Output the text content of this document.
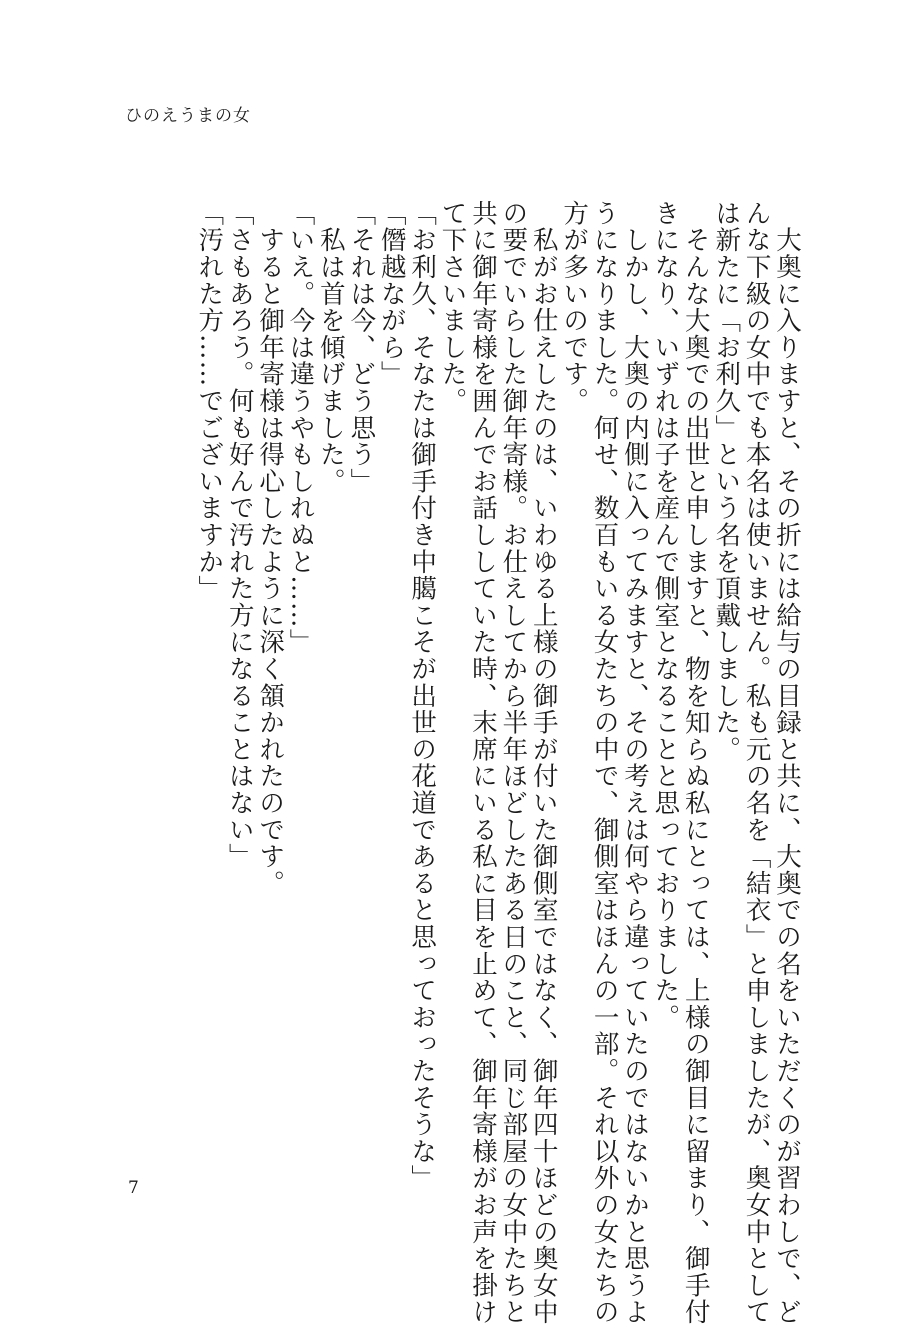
ひのえうまの女
　大奥に入りますと、その折には給与の目録と共に、大奥での名をいただくのが習わしで、ど
んな下級の女中でも本名は使いません。私も元の名を「結衣」と申しましたが、奥女中として
は新たに「お利久」という名を頂戴しました。
　そんな大奥での出世と申しますと、物を知らぬ私にとっては、上様の御目に留まり、御手付
きになり、いずれは子を産んで側室となることと思っておりました。
　しかし、大奥の内側に入ってみますと、その考えは何やら違っていたのではないかと思うよ
うになりました。何せ、数百もいる女たちの中で、御側室はほんの一部。それ以外の女たちの
方が多いのです。
　私がお仕えしたのは、いわゆる上様の御手が付いた御側室ではなく、御年四十ほどの奥女中
の要でいらした御年寄様。お仕えしてから半年ほどしたある日のこと、同じ部屋の女中たちと
共に御年寄様を囲んでお話ししていた時、末席にいる私に目を止めて、御年寄様がお声を掛け
て下さいました。
「お利久、そなたは御手付き中臈こそが出世の花道であると思っておったそうな」
「僭越ながら」
「それは今、どう思う」
　私は首を傾げました。
「いえ。今は違うやもしれぬと……」
　すると御年寄様は得心したように深く頷かれたのです。
「さもあろう。何も好んで汚れた方になることはない」
「汚れた方……でございますか」
7
